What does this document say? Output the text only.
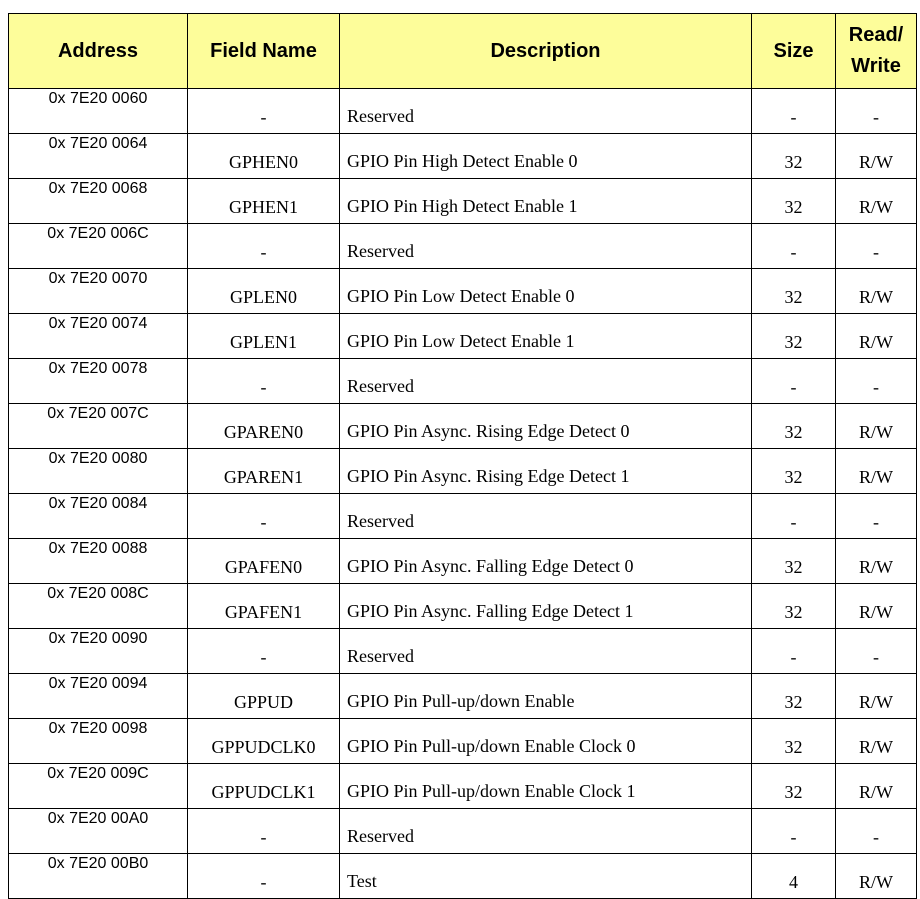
Address	Field Name	Description	Size	Read/
Write
0x 7E20 0060	-	Reserved	-	-
0x 7E20 0064	GPHEN0	GPIO Pin High Detect Enable 0	32	R/W
0x 7E20 0068	GPHEN1	GPIO Pin High Detect Enable 1	32	R/W
0x 7E20 006C	-	Reserved	-	-
0x 7E20 0070	GPLEN0	GPIO Pin Low Detect Enable 0	32	R/W
0x 7E20 0074	GPLEN1	GPIO Pin Low Detect Enable 1	32	R/W
0x 7E20 0078	-	Reserved	-	-
0x 7E20 007C	GPAREN0	GPIO Pin Async. Rising Edge Detect 0	32	R/W
0x 7E20 0080	GPAREN1	GPIO Pin Async. Rising Edge Detect 1	32	R/W
0x 7E20 0084	-	Reserved	-	-
0x 7E20 0088	GPAFEN0	GPIO Pin Async. Falling Edge Detect 0	32	R/W
0x 7E20 008C	GPAFEN1	GPIO Pin Async. Falling Edge Detect 1	32	R/W
0x 7E20 0090	-	Reserved	-	-
0x 7E20 0094	GPPUD	GPIO Pin Pull-up/down Enable	32	R/W
0x 7E20 0098	GPPUDCLK0	GPIO Pin Pull-up/down Enable Clock 0	32	R/W
0x 7E20 009C	GPPUDCLK1	GPIO Pin Pull-up/down Enable Clock 1	32	R/W
0x 7E20 00A0	-	Reserved	-	-
0x 7E20 00B0	-	Test	4	R/W
